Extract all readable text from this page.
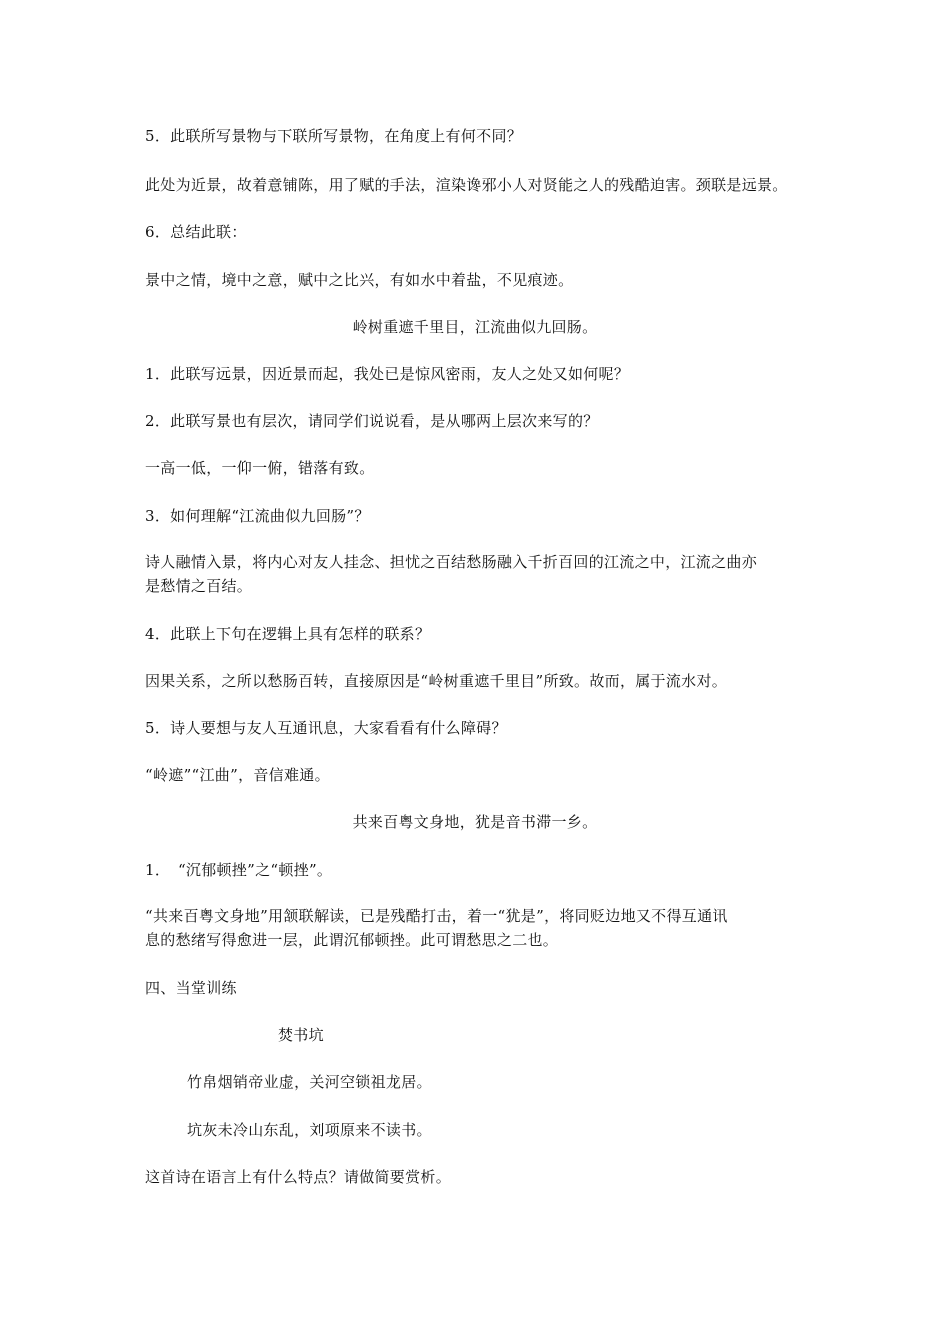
5．此联所写景物与下联所写景物，在角度上有何不同？
此处为近景，故着意铺陈，用了赋的手法，渲染谗邪小人对贤能之人的残酷迫害。颈联是远景。
6．总结此联：
景中之情，境中之意，赋中之比兴，有如水中着盐，不见痕迹。
岭树重遮千里目，江流曲似九回肠。
1．此联写远景，因近景而起，我处已是惊风密雨，友人之处又如何呢？
2．此联写景也有层次，请同学们说说看，是从哪两上层次来写的？
一高一低，一仰一俯，错落有致。
3．如何理解“江流曲似九回肠”？
诗人融情入景，将内心对友人挂念、担忧之百结愁肠融入千折百回的江流之中，江流之曲亦
是愁情之百结。
4．此联上下句在逻辑上具有怎样的联系？
因果关系，之所以愁肠百转，直接原因是“岭树重遮千里目”所致。故而，属于流水对。
5．诗人要想与友人互通讯息，大家看看有什么障碍？
“岭遮”“江曲”，音信难通。
共来百粤文身地，犹是音书滞一乡。
1．　“沉郁顿挫”之“顿挫”。
“共来百粤文身地”用颔联解读，已是残酷打击，着一“犹是”，将同贬边地又不得互通讯
息的愁绪写得愈进一层，此谓沉郁顿挫。此可谓愁思之二也。
四、当堂训练
焚书坑
竹帛烟销帝业虚，关河空锁祖龙居。
坑灰未冷山东乱，刘项原来不读书。
这首诗在语言上有什么特点？请做简要赏析。
